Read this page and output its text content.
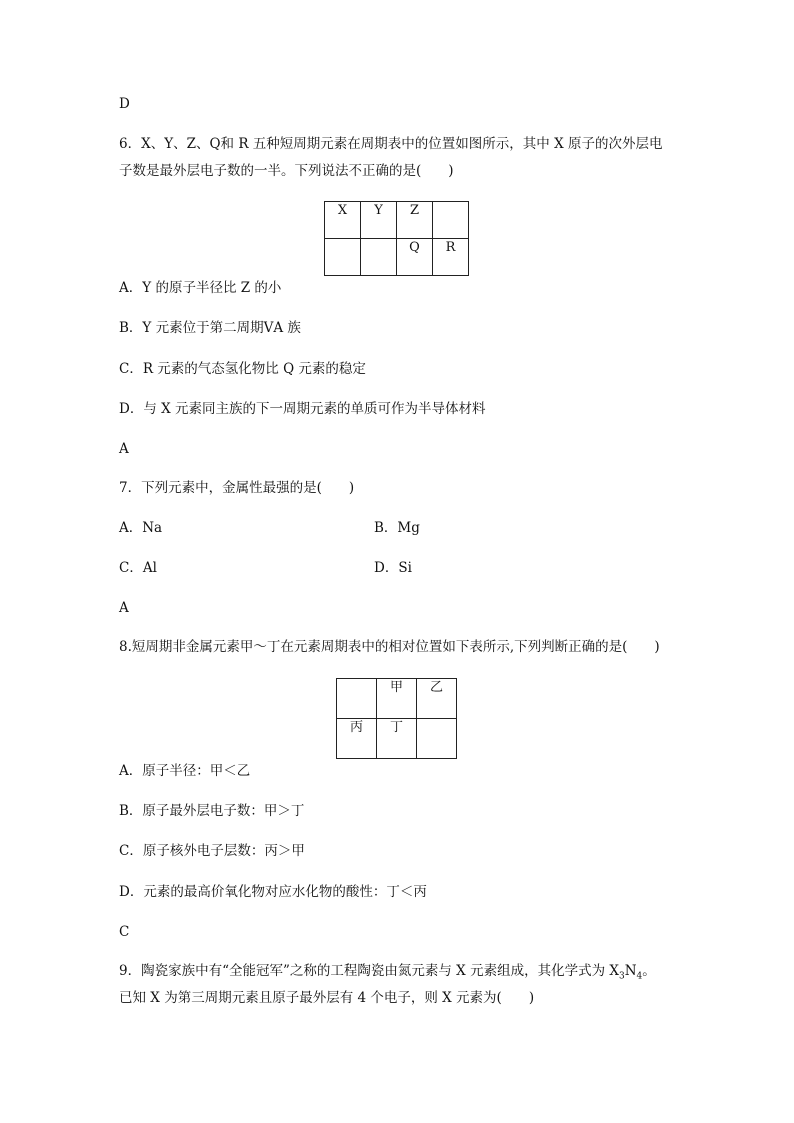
D
6．X、Y、Z、Q和 R 五种短周期元素在周期表中的位置如图所示，其中 X 原子的次外层电
子数是最外层电子数的一半。下列说法不正确的是(　　)
X	Y	Z	
		Q	R
A．Y 的原子半径比 Z 的小
B．Y 元素位于第二周期ⅤA 族
C．R 元素的气态氢化物比 Q 元素的稳定
D．与 X 元素同主族的下一周期元素的单质可作为半导体材料
A
7．下列元素中，金属性最强的是(　　)
A．Na	B．Mg
C．Al	D．Si
A
8.短周期非金属元素甲～丁在元素周期表中的相对位置如下表所示,下列判断正确的是(　　)
	甲	乙
丙	丁	
A．原子半径：甲＜乙
B．原子最外层电子数：甲＞丁
C．原子核外电子层数：丙＞甲
D．元素的最高价氧化物对应水化物的酸性：丁＜丙
C
9．陶瓷家族中有“全能冠军”之称的工程陶瓷由氮元素与 X 元素组成，其化学式为 $X_3N_4$。
已知 X 为第三周期元素且原子最外层有 4 个电子，则 X 元素为(　　)
